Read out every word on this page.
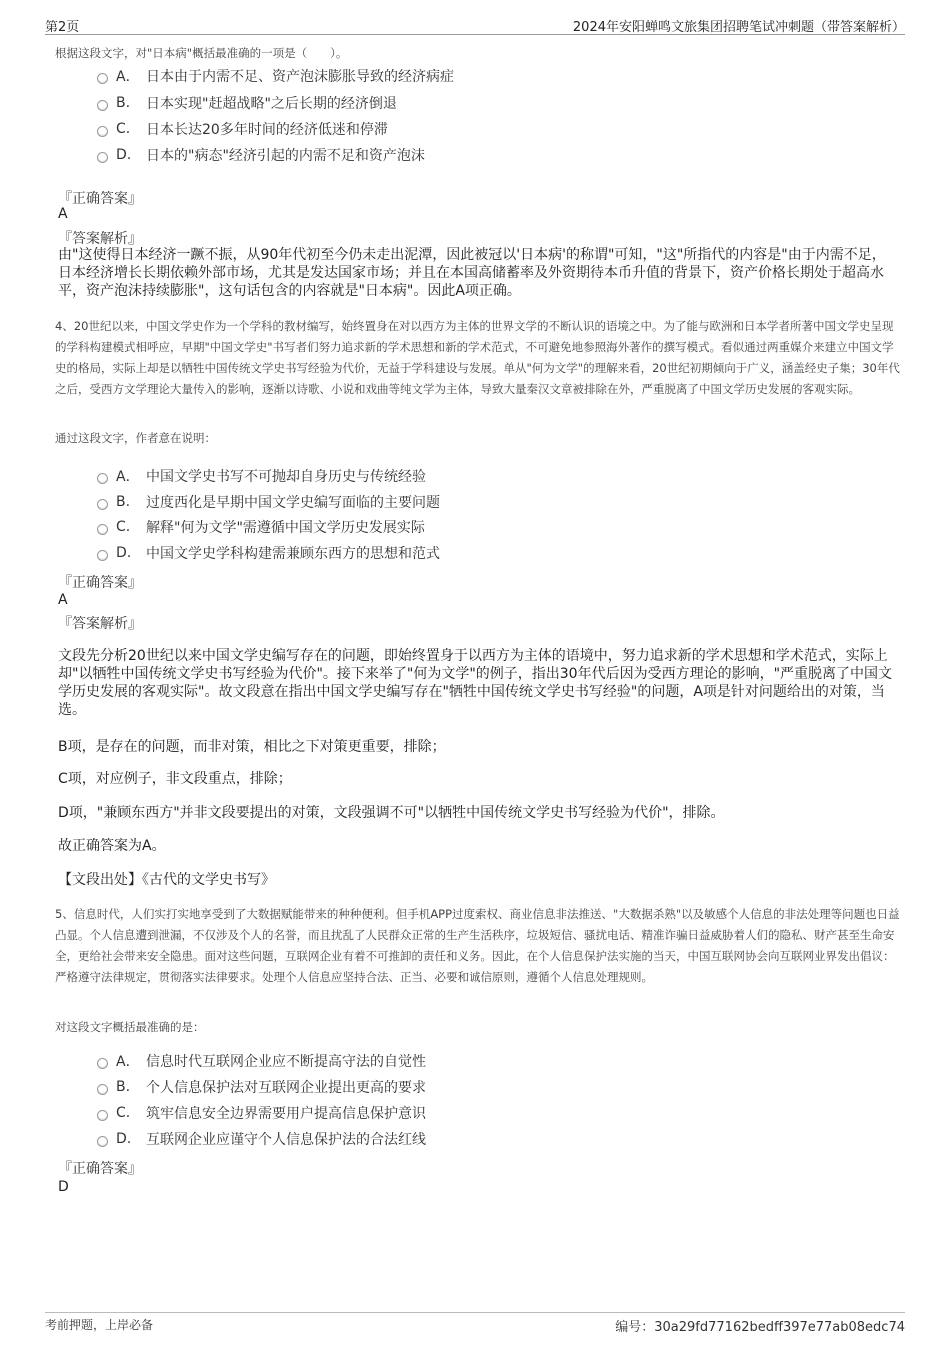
第2页	2024年安阳蝉鸣文旅集团招聘笔试冲刺题（带答案解析）
根据这段文字，对"日本病"概括最准确的一项是（　　）。
A． 日本由于内需不足、资产泡沫膨胀导致的经济病症
B.	日本实现"赶超战略"之后长期的经济倒退
C.	日本长达20多年时间的经济低迷和停滞
D.	日本的"病态"经济引起的内需不足和资产泡沫
『正确答案』
A
『答案解析』
由"这使得日本经济一蹶不振，从90年代初至今仍未走出泥潭，因此被冠以'日本病'的称谓"可知，"这"所指代的内容是"由于内需不足，日本经济增长长期依赖外部市场，尤其是发达国家市场；并且在本国高储蓄率及外资期待本币升值的背景下，资产价格长期处于超高水平，资产泡沫持续膨胀"，这句话包含的内容就是"日本病"。因此A项正确。
4、20世纪以来，中国文学史作为一个学科的教材编写，始终置身在对以西方为主体的世界文学的不断认识的语境之中。为了能与欧洲和日本学者所著中国文学史呈现的学科构建模式相呼应，早期"中国文学史"书写者们努力追求新的学术思想和新的学术范式，不可避免地参照海外著作的撰写模式。看似通过两重媒介来建立中国文学史的格局，实际上却是以牺牲中国传统文学史书写经验为代价，无益于学科建设与发展。单从"何为文学"的理解来看，20世纪初期倾向于广义，涵盖经史子集；30年代之后，受西方文学理论大量传入的影响，逐渐以诗歌、小说和戏曲等纯文学为主体，导致大量秦汉文章被排除在外，严重脱离了中国文学历史发展的客观实际。
通过这段文字，作者意在说明：
A． 中国文学史书写不可抛却自身历史与传统经验
B.	过度西化是早期中国文学史编写面临的主要问题
C.	解释"何为文学"需遵循中国文学历史发展实际
D.	中国文学史学科构建需兼顾东西方的思想和范式
『正确答案』
A
『答案解析』
文段先分析20世纪以来中国文学史编写存在的问题，即始终置身于以西方为主体的语境中，努力追求新的学术思想和学术范式，实际上却"以牺牲中国传统文学史书写经验为代价"。接下来举了"何为文学"的例子，指出30年代后因为受西方理论的影响，"严重脱离了中国文学历史发展的客观实际"。故文段意在指出中国文学史编写存在"牺牲中国传统文学史书写经验"的问题，A项是针对问题给出的对策，当选。
B项，是存在的问题，而非对策，相比之下对策更重要，排除；
C项，对应例子，非文段重点，排除；
D项，"兼顾东西方"并非文段要提出的对策，文段强调不可"以牺牲中国传统文学史书写经验为代价"，排除。
故正确答案为A。
【文段出处】《古代的文学史书写》
5、信息时代，人们实打实地享受到了大数据赋能带来的种种便利。但手机APP过度索权、商业信息非法推送、"大数据杀熟"以及敏感个人信息的非法处理等问题也日益凸显。个人信息遭到泄漏，不仅涉及个人的名誉，而且扰乱了人民群众正常的生产生活秩序，垃圾短信、骚扰电话、精准诈骗日益威胁着人们的隐私、财产甚至生命安全，更给社会带来安全隐患。面对这些问题，互联网企业有着不可推卸的责任和义务。因此，在个人信息保护法实施的当天，中国互联网协会向互联网业界发出倡议：严格遵守法律规定，贯彻落实法律要求。处理个人信息应坚持合法、正当、必要和诚信原则，遵循个人信息处理规则。
对这段文字概括最准确的是：
A． 信息时代互联网企业应不断提高守法的自觉性
B.	个人信息保护法对互联网企业提出更高的要求
C.	筑牢信息安全边界需要用户提高信息保护意识
D.	互联网企业应谨守个人信息保护法的合法红线
『正确答案』
D
考前押题，上岸必备	编号：30a29fd77162bedff397e77ab08edc74
